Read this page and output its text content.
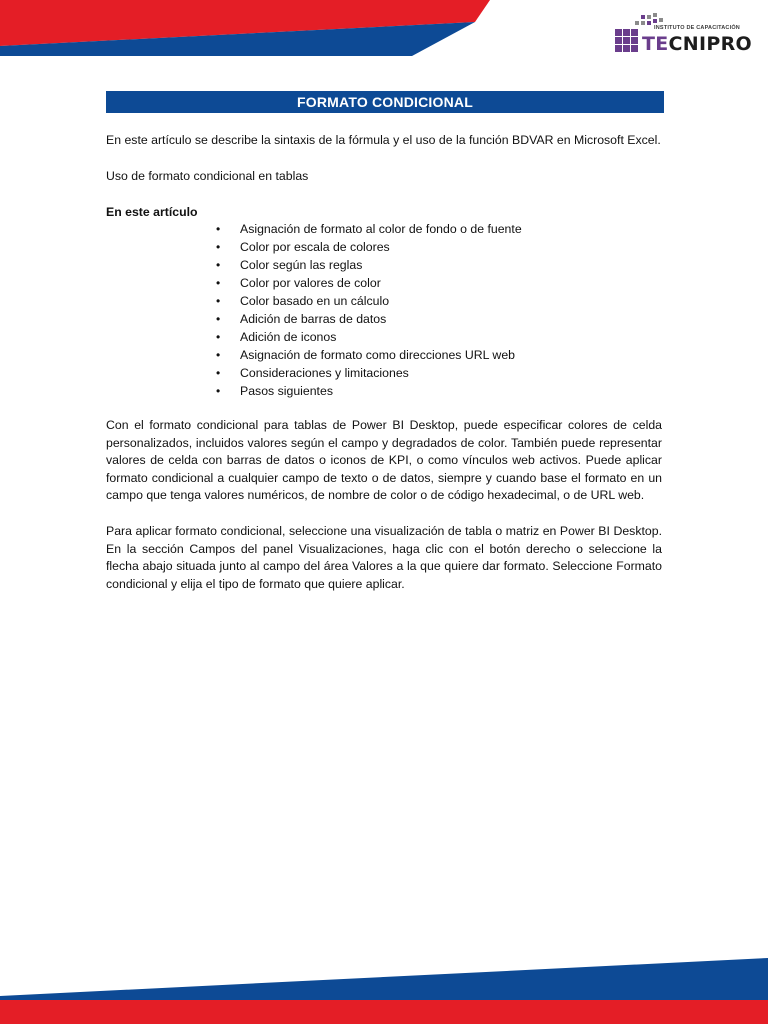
INSTITUTO DE CAPACITACIÓN
TECNIPRO
FORMATO CONDICIONAL

En este artículo se describe la sintaxis de la fórmula y el uso de la función BDVAR en Microsoft Excel.

Uso de formato condicional en tablas

En este artículo

• Asignación de formato al color de fondo o de fuente
• Color por escala de colores
• Color según las reglas
• Color por valores de color
• Color basado en un cálculo
• Adición de barras de datos
• Adición de iconos
• Asignación de formato como direcciones URL web
• Consideraciones y limitaciones
• Pasos siguientes

Con el formato condicional para tablas de Power BI Desktop, puede especificar colores de celda personalizados, incluidos valores según el campo y degradados de color. También puede representar valores de celda con barras de datos o iconos de KPI, o como vínculos web activos. Puede aplicar formato condicional a cualquier campo de texto o de datos, siempre y cuando base el formato en un campo que tenga valores numéricos, de nombre de color o de código hexadecimal, o de URL web.

Para aplicar formato condicional, seleccione una visualización de tabla o matriz en Power BI Desktop. En la sección Campos del panel Visualizaciones, haga clic con el botón derecho o seleccione la flecha abajo situada junto al campo del área Valores a la que quiere dar formato. Seleccione Formato condicional y elija el tipo de formato que quiere aplicar.
